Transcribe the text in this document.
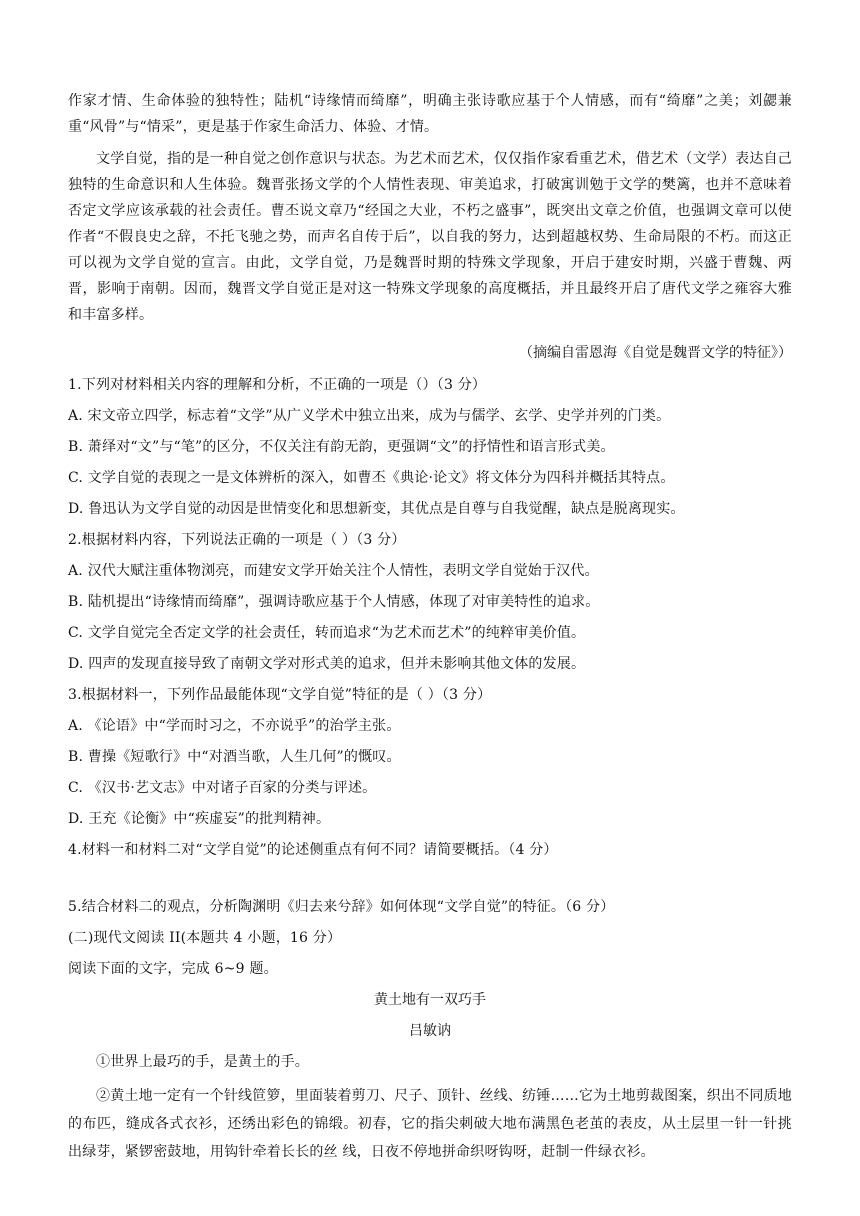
作家才情、生命体验的独特性；陆机“诗缘情而绮靡”，明确主张诗歌应基于个人情感，而有“绮靡”之美；刘勰兼重“风骨”与“情采”，更是基于作家生命活力、体验、才情。

文学自觉，指的是一种自觉之创作意识与状态。为艺术而艺术，仅仅指作家看重艺术，借艺术（文学）表达自己独特的生命意识和人生体验。魏晋张扬文学的个人情性表现、审美追求，打破寓训勉于文学的樊篱，也并不意味着否定文学应该承载的社会责任。曹丕说文章乃“经国之大业，不朽之盛事”，既突出文章之价值，也强调文章可以使作者“不假良史之辞，不托飞驰之势，而声名自传于后”，以自我的努力，达到超越权势、生命局限的不朽。而这正可以视为文学自觉的宣言。由此，文学自觉，乃是魏晋时期的特殊文学现象，开启于建安时期，兴盛于曹魏、两晋，影响于南朝。因而，魏晋文学自觉正是对这一特殊文学现象的高度概括，并且最终开启了唐代文学之雍容大雅和丰富多样。

（摘编自雷恩海《自觉是魏晋文学的特征》）

1.下列对材料相关内容的理解和分析，不正确的一项是（）（3 分）

A. 宋文帝立四学，标志着“文学”从广义学术中独立出来，成为与儒学、玄学、史学并列的门类。

B. 萧绎对“文”与“笔”的区分，不仅关注有韵无韵，更强调“文”的抒情性和语言形式美。

C. 文学自觉的表现之一是文体辨析的深入，如曹丕《典论·论文》将文体分为四科并概括其特点。

D. 鲁迅认为文学自觉的动因是世情变化和思想新变，其优点是自尊与自我觉醒，缺点是脱离现实。

2.根据材料内容，下列说法正确的一项是（ ）（3 分）

A. 汉代大赋注重体物浏亮，而建安文学开始关注个人情性，表明文学自觉始于汉代。

B. 陆机提出“诗缘情而绮靡”，强调诗歌应基于个人情感，体现了对审美特性的追求。

C. 文学自觉完全否定文学的社会责任，转而追求“为艺术而艺术”的纯粹审美价值。

D. 四声的发现直接导致了南朝文学对形式美的追求，但并未影响其他文体的发展。

3.根据材料一，下列作品最能体现“文学自觉”特征的是（ ）（3 分）

A. 《论语》中“学而时习之，不亦说乎”的治学主张。

B. 曹操《短歌行》中“对酒当歌，人生几何”的慨叹。

C. 《汉书·艺文志》中对诸子百家的分类与评述。

D. 王充《论衡》中“疾虚妄”的批判精神。

4.材料一和材料二对“文学自觉”的论述侧重点有何不同？请简要概括。（4 分）

5.结合材料二的观点，分析陶渊明《归去来兮辞》如何体现“文学自觉”的特征。（6 分）

(二)现代文阅读 II(本题共 4 小题，16 分）

阅读下面的文字，完成 6~9 题。

黄土地有一双巧手

吕敏讷

①世界上最巧的手，是黄土的手。

②黄土地一定有一个针线笸箩，里面装着剪刀、尺子、顶针、丝线、纺锤……它为土地剪裁图案，织出不同质地的布匹，缝成各式衣衫，还绣出彩色的锦缎。初春，它的指尖刺破大地布满黑色老茧的表皮，从土层里一针一针挑出绿芽，紧锣密鼓地，用钩针牵着长长的丝 线，日夜不停地拼命织呀钩呀，赶制一件绿衣衫。
